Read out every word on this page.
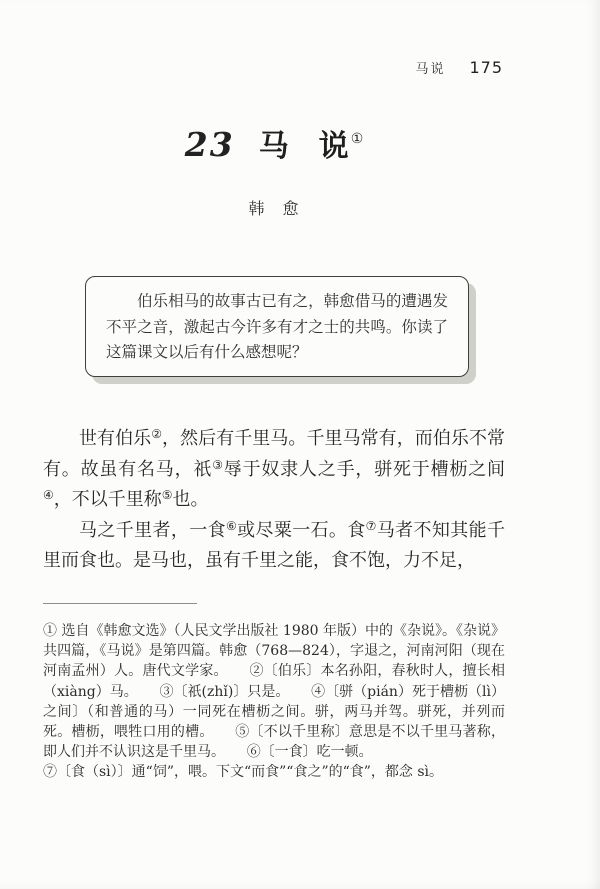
马说 175
23 马　说 ①
韩　愈

伯乐相马的故事古已有之，韩愈借马的遭遇发不平之音，激起古今许多有才之士的共鸣。你读了这篇课文以后有什么感想呢？

世有伯乐②，然后有千里马。千里马常有，而伯乐不常有。故虽有名马，祇③辱于奴隶人之手，骈死于槽枥之间④，不以千里称⑤也。

马之千里者，一食⑥或尽粟一石。食⑦马者不知其能千里而食也。是马也，虽有千里之能，食不饱，力不足，

① 选自《韩愈文选》（人民文学出版社 1980 年版）中的《杂说》。《杂说》共四篇，《马说》是第四篇。韩愈（768—824），字退之，河南河阳（现在河南孟州）人。唐代文学家。 ②〔伯乐〕本名孙阳，春秋时人，擅长相（xiàng）马。 ③〔祇(zhǐ)〕只是。 ④〔骈（pián）死于槽枥（lì）之间〕（和普通的马）一同死在槽枥之间。骈，两马并驾。骈死，并列而死。槽枥，喂牲口用的槽。 ⑤〔不以千里称〕意思是不以千里马著称，即人们并不认识这是千里马。 ⑥〔一食〕吃一顿。
⑦〔食（sì）〕通“饲”，喂。下文“而食”“食之”的“食”，都念 sì。
